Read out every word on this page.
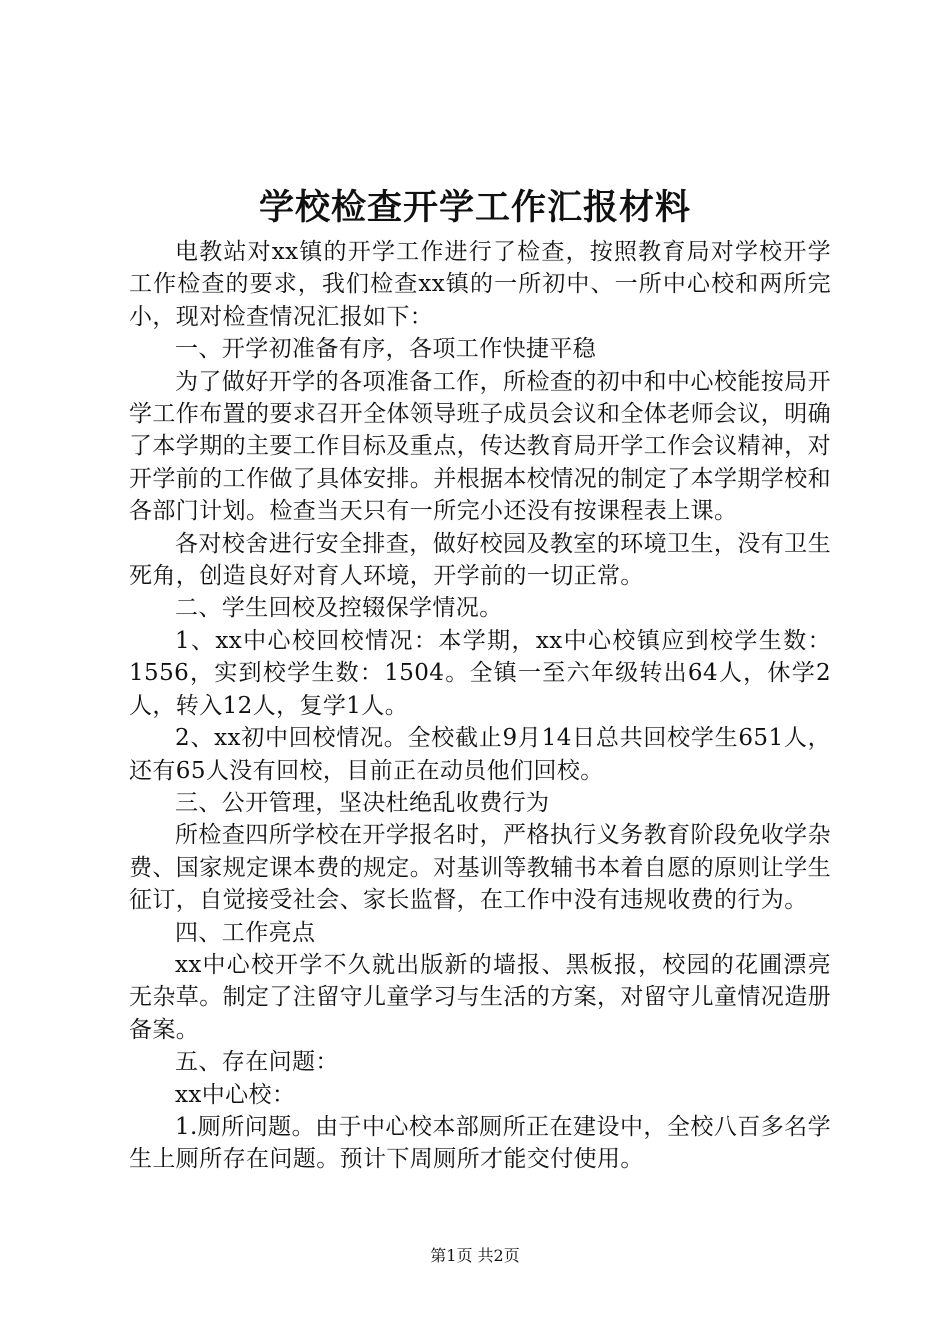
学校检查开学工作汇报材料

电教站对xx镇的开学工作进行了检查，按照教育局对学校开学工作检查的要求，我们检查xx镇的一所初中、一所中心校和两所完小，现对检查情况汇报如下：

一、开学初准备有序，各项工作快捷平稳

为了做好开学的各项准备工作，所检查的初中和中心校能按局开学工作布置的要求召开全体领导班子成员会议和全体老师会议，明确了本学期的主要工作目标及重点，传达教育局开学工作会议精神，对开学前的工作做了具体安排。并根据本校情况的制定了本学期学校和各部门计划。检查当天只有一所完小还没有按课程表上课。

各对校舍进行安全排查，做好校园及教室的环境卫生，没有卫生死角，创造良好对育人环境，开学前的一切正常。

二、学生回校及控辍保学情况。

1、xx中心校回校情况：本学期，xx中心校镇应到校学生数：1556，实到校学生数：1504。全镇一至六年级转出64人，休学2人，转入12人，复学1人。

2、xx初中回校情况。全校截止9月14日总共回校学生651人，还有65人没有回校，目前正在动员他们回校。

三、公开管理，坚决杜绝乱收费行为

所检查四所学校在开学报名时，严格执行义务教育阶段免收学杂费、国家规定课本费的规定。对基训等教辅书本着自愿的原则让学生征订，自觉接受社会、家长监督，在工作中没有违规收费的行为。

四、工作亮点

xx中心校开学不久就出版新的墙报、黑板报，校园的花圃漂亮无杂草。制定了注留守儿童学习与生活的方案，对留守儿童情况造册备案。

五、存在问题：

xx中心校：

1.厕所问题。由于中心校本部厕所正在建设中，全校八百多名学生上厕所存在问题。预计下周厕所才能交付使用。

第1页 共2页
